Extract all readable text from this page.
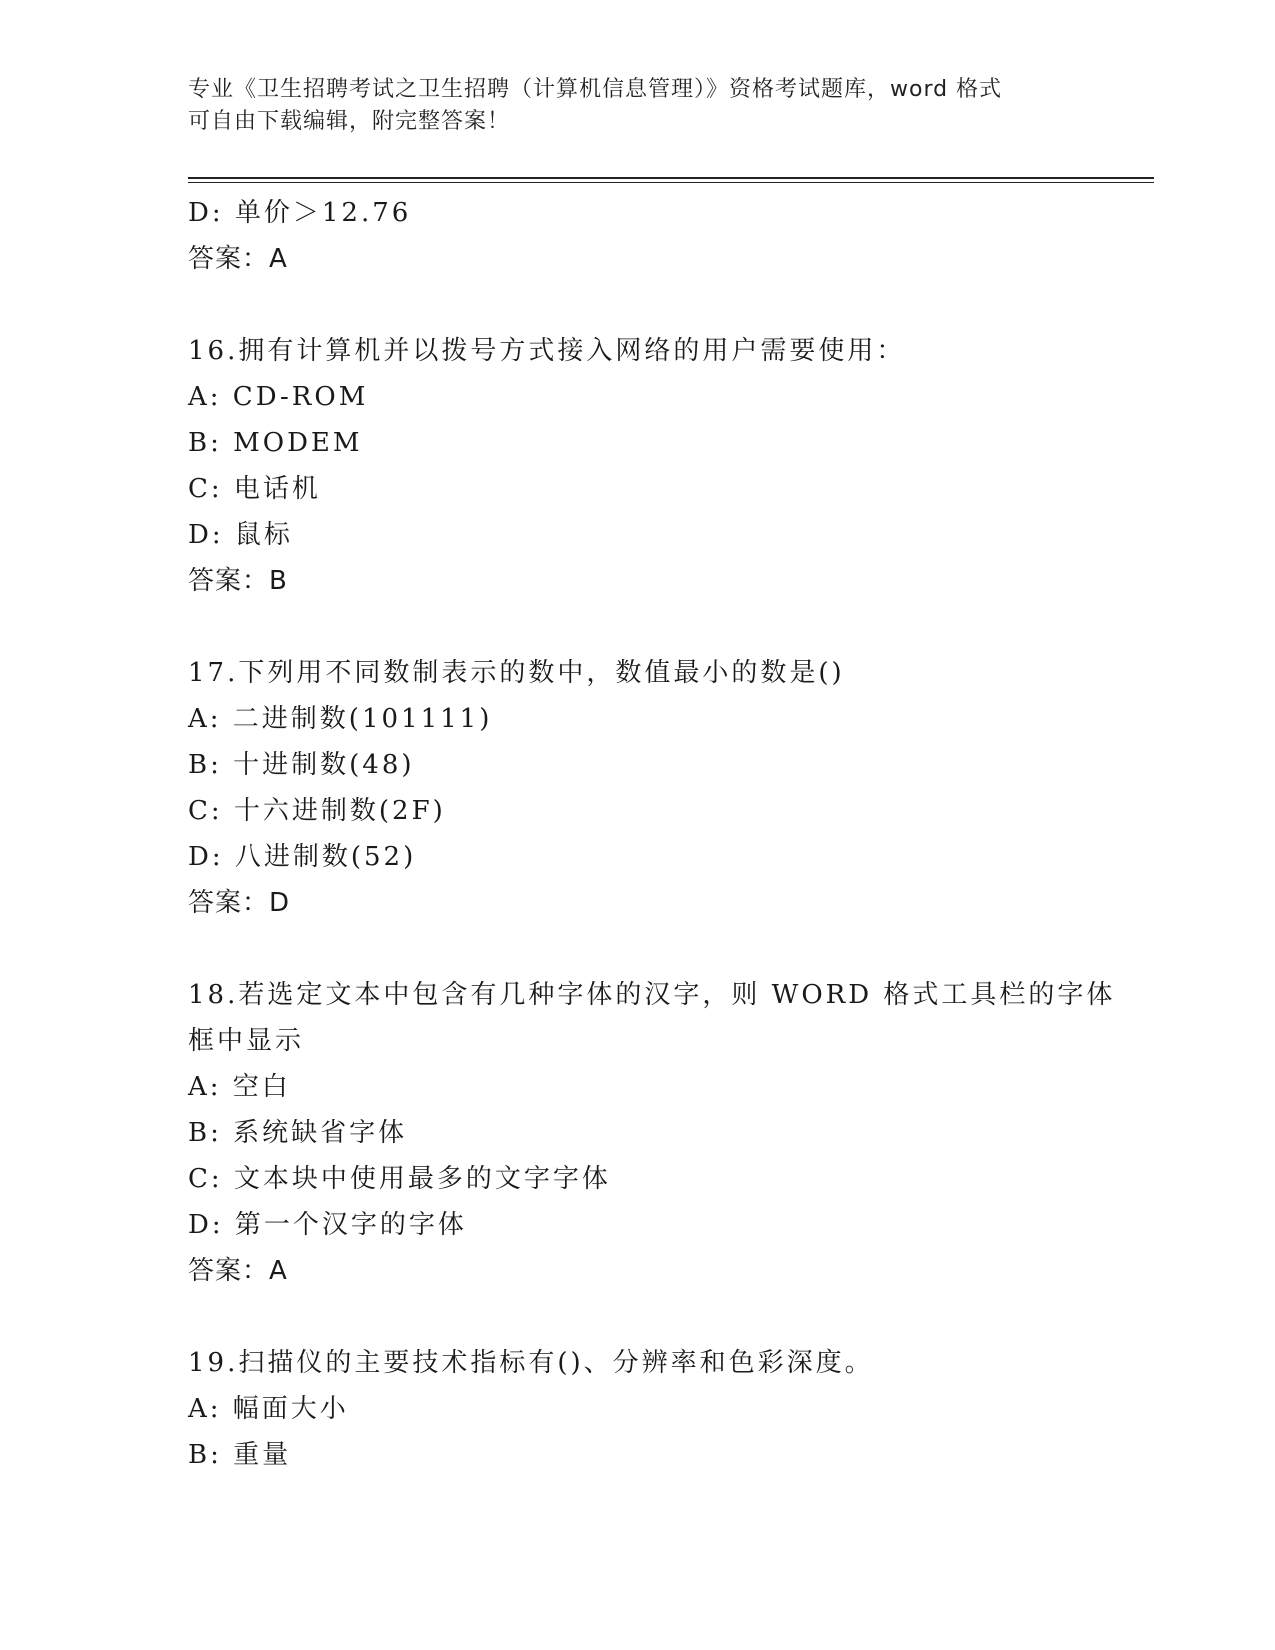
专业《卫生招聘考试之卫生招聘（计算机信息管理）》资格考试题库，word 格式
可自由下载编辑，附完整答案！
D: 单价＞12.76
答案：A
16.拥有计算机并以拨号方式接入网络的用户需要使用：
A: CD-ROM
B: MODEM
C: 电话机
D: 鼠标
答案：B
17.下列用不同数制表示的数中，数值最小的数是()
A: 二进制数(101111)
B: 十进制数(48)
C: 十六进制数(2F)
D: 八进制数(52)
答案：D
18.若选定文本中包含有几种字体的汉字，则 WORD 格式工具栏的字体
框中显示
A: 空白
B: 系统缺省字体
C: 文本块中使用最多的文字字体
D: 第一个汉字的字体
答案：A
19.扫描仪的主要技术指标有()、分辨率和色彩深度。
A: 幅面大小
B: 重量
